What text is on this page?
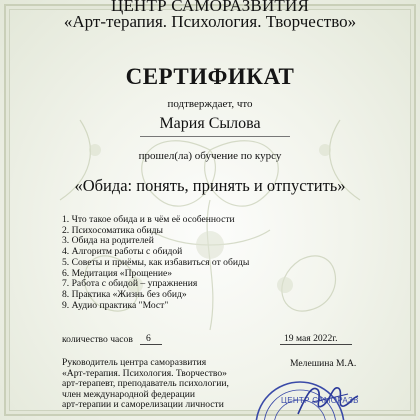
ЦЕНТР САМОРАЗВИТИЯ
«Арт-терапия. Психология. Творчество»
СЕРТИФИКАТ
подтверждает, что
Мария Сылова
прошел(ла) обучение по курсу
«Обида: понять, принять и отпустить»
1. Что такое обида и в чём её особенности
2. Психосоматика обиды
3. Обида на родителей
4. Алгоритм работы с обидой
5. Советы и приёмы, как избавиться от обиды
6. Медитация «Прощение»
7. Работа с обидой – упражнения
8. Практика «Жизнь без обид»
9. Аудио практика "Мост"
количество часов 6	19 мая 2022г.
Руководитель центра саморазвития
«Арт-терапия. Психология. Творчество»
арт-терапевт, преподаватель психологии,
член международной федерации
арт-терапии и саморелизации личности
Мелешина М.А.
ЦЕНТР САМОРАЗВ
